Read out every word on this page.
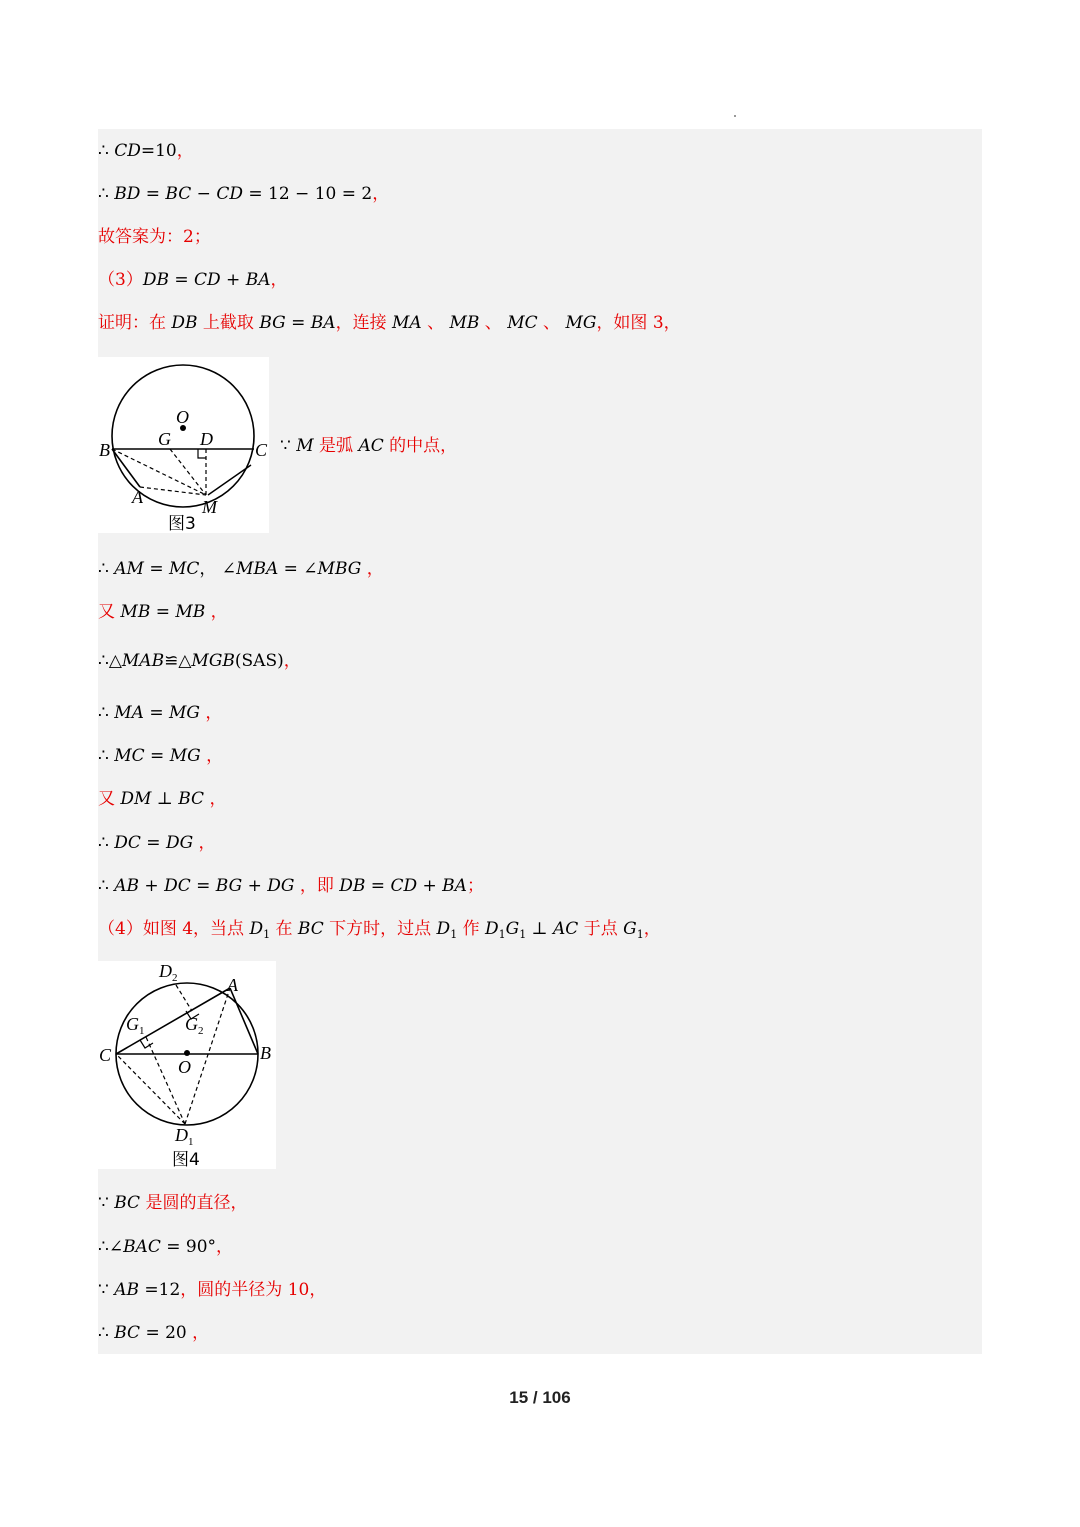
∴ CD=10，
∴ BD = BC − CD = 12 − 10 = 2，
故答案为：2；
（3）DB = CD + BA，
证明：在 DB 上截取 BG = BA，连接 MA 、 MB 、 MC 、 MG，如图 3，
O
G D
B	C
A	M
图3
∵ M 是弧 AC 的中点，
∴ AM = MC， ∠MBA = ∠MBG ，
又 MB = MB ，
∴△MAB≌△MGB(SAS)，
∴ MA = MG ，
∴ MC = MG ，
又 DM ⊥ BC ，
∴ DC = DG ，
∴ AB + DC = BG + DG ，即 DB = CD + BA；
（4）如图 4，当点 $D_1$ 在 BC 下方时，过点 $D_1$ 作 $D_1G_1$ ⊥ AC 于点 $G_1$，
$D_2$	A
$G_1$ $G_2$
C	B
O
$D_1$
图4
∵ BC 是圆的直径，
∴∠BAC = 90°，
∵ AB =12，圆的半径为 10，
∴ BC = 20 ，
15 / 106
